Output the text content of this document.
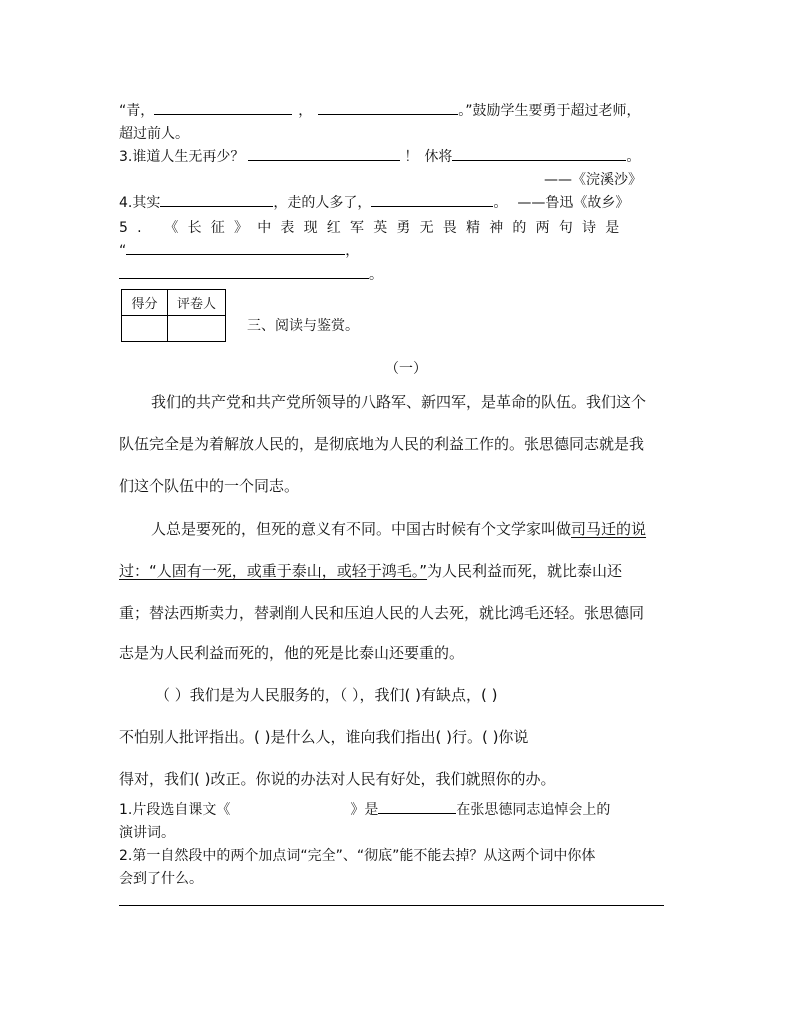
“青，	，	。”鼓励学生要勇于超过老师，
超过前人。
3.谁道人生无再少？	！ 休将	。
——《浣溪沙》
4.其实	，走的人多了，	。 ——鲁迅《故乡》
5. 《长征》中表现红军英勇无畏精神的两句诗是
“	，
。
得分	评卷人

三、阅读与鉴赏。
（一）
我们的共产党和共产党所领导的八路军、新四军，是革命的队伍。我们这个
队伍完全是为着解放人民的，是彻底地为人民的利益工作的。张思德同志就是我
们这个队伍中的一个同志。
人总是要死的，但死的意义有不同。中国古时候有个文学家叫做司马迁的说
过：“人固有一死，或重于泰山，或轻于鸿毛。”为人民利益而死，就比泰山还
重；替法西斯卖力，替剥削人民和压迫人民的人去死，就比鸿毛还轻。张思德同
志是为人民利益而死的，他的死是比泰山还要重的。
（ ）我们是为人民服务的，（ ），我们( )有缺点，( )
不怕别人批评指出。( )是什么人，谁向我们指出( )行。( )你说
得对，我们( )改正。你说的办法对人民有好处，我们就照你的办。
1.片段选自课文《	》是	在张思德同志追悼会上的
演讲词。
2.第一自然段中的两个加点词“完全”、“彻底”能不能去掉？从这两个词中你体
会到了什么。
